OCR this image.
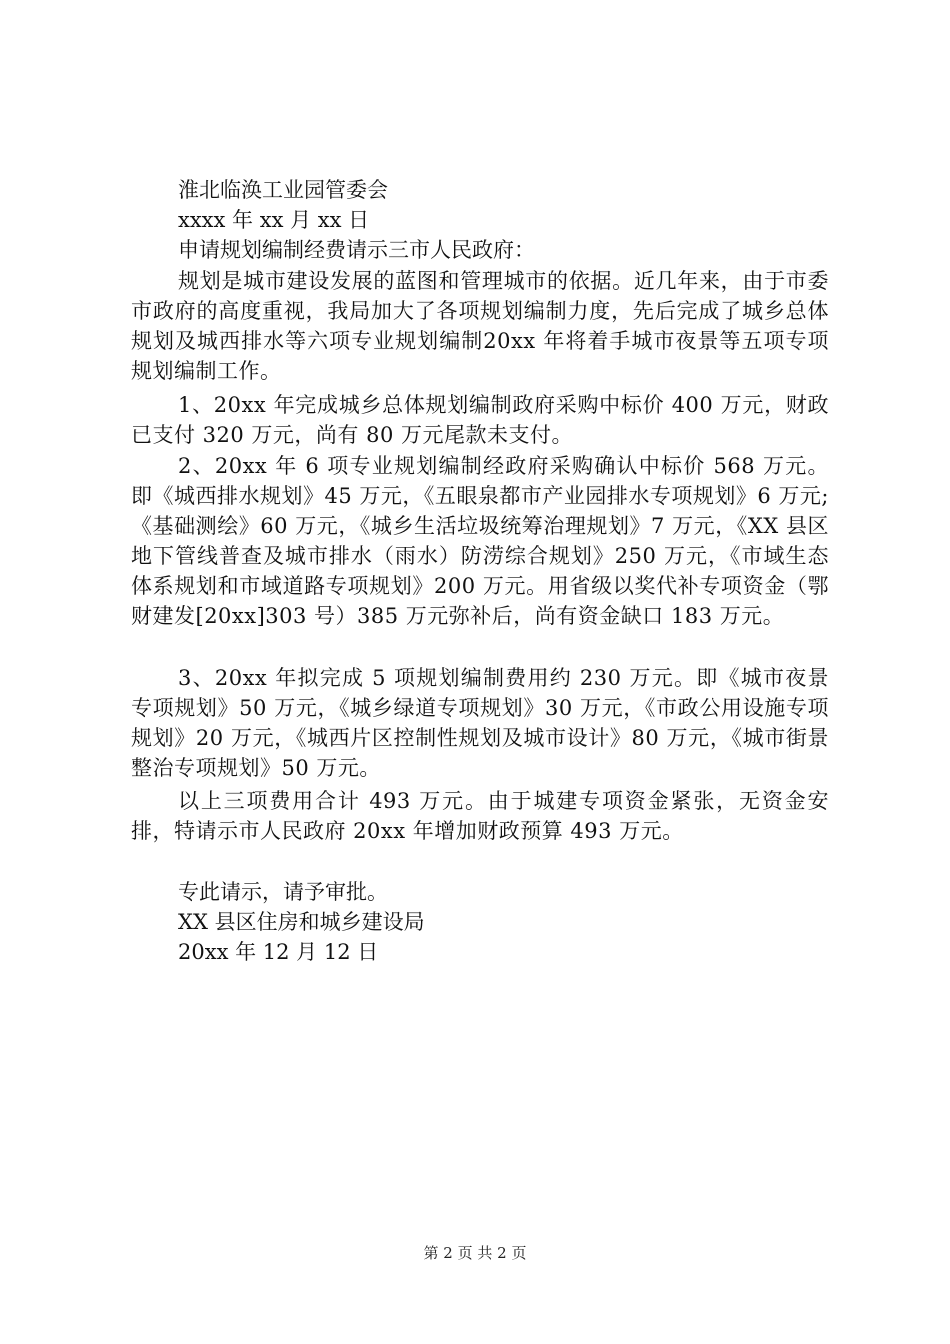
淮北临涣工业园管委会
xxxx 年 xx 月 xx 日
申请规划编制经费请示三市人民政府：
规划是城市建设发展的蓝图和管理城市的依据。近几年来，由于市委市政府的高度重视，我局加大了各项规划编制力度，先后完成了城乡总体规划及城西排水等六项专业规划编制20xx 年将着手城市夜景等五项专项规划编制工作。
1、20xx 年完成城乡总体规划编制政府采购中标价 400 万元，财政已支付 320 万元，尚有 80 万元尾款未支付。
2、20xx 年 6 项专业规划编制经政府采购确认中标价 568 万元。即《城西排水规划》45 万元，《五眼泉都市产业园排水专项规划》6 万元;《基础测绘》60 万元，《城乡生活垃圾统筹治理规划》7 万元，《XX 县区地下管线普查及城市排水（雨水）防涝综合规划》250 万元，《市域生态体系规划和市域道路专项规划》200 万元。用省级以奖代补专项资金（鄂财建发[20xx]303 号）385 万元弥补后，尚有资金缺口 183 万元。
3、20xx 年拟完成 5 项规划编制费用约 230 万元。即《城市夜景专项规划》50 万元，《城乡绿道专项规划》30 万元，《市政公用设施专项规划》20 万元，《城西片区控制性规划及城市设计》80 万元，《城市街景整治专项规划》50 万元。
以上三项费用合计 493 万元。由于城建专项资金紧张，无资金安排，特请示市人民政府 20xx 年增加财政预算 493 万元。
专此请示，请予审批。
XX 县区住房和城乡建设局
20xx 年 12 月 12 日
第 2 页 共 2 页
